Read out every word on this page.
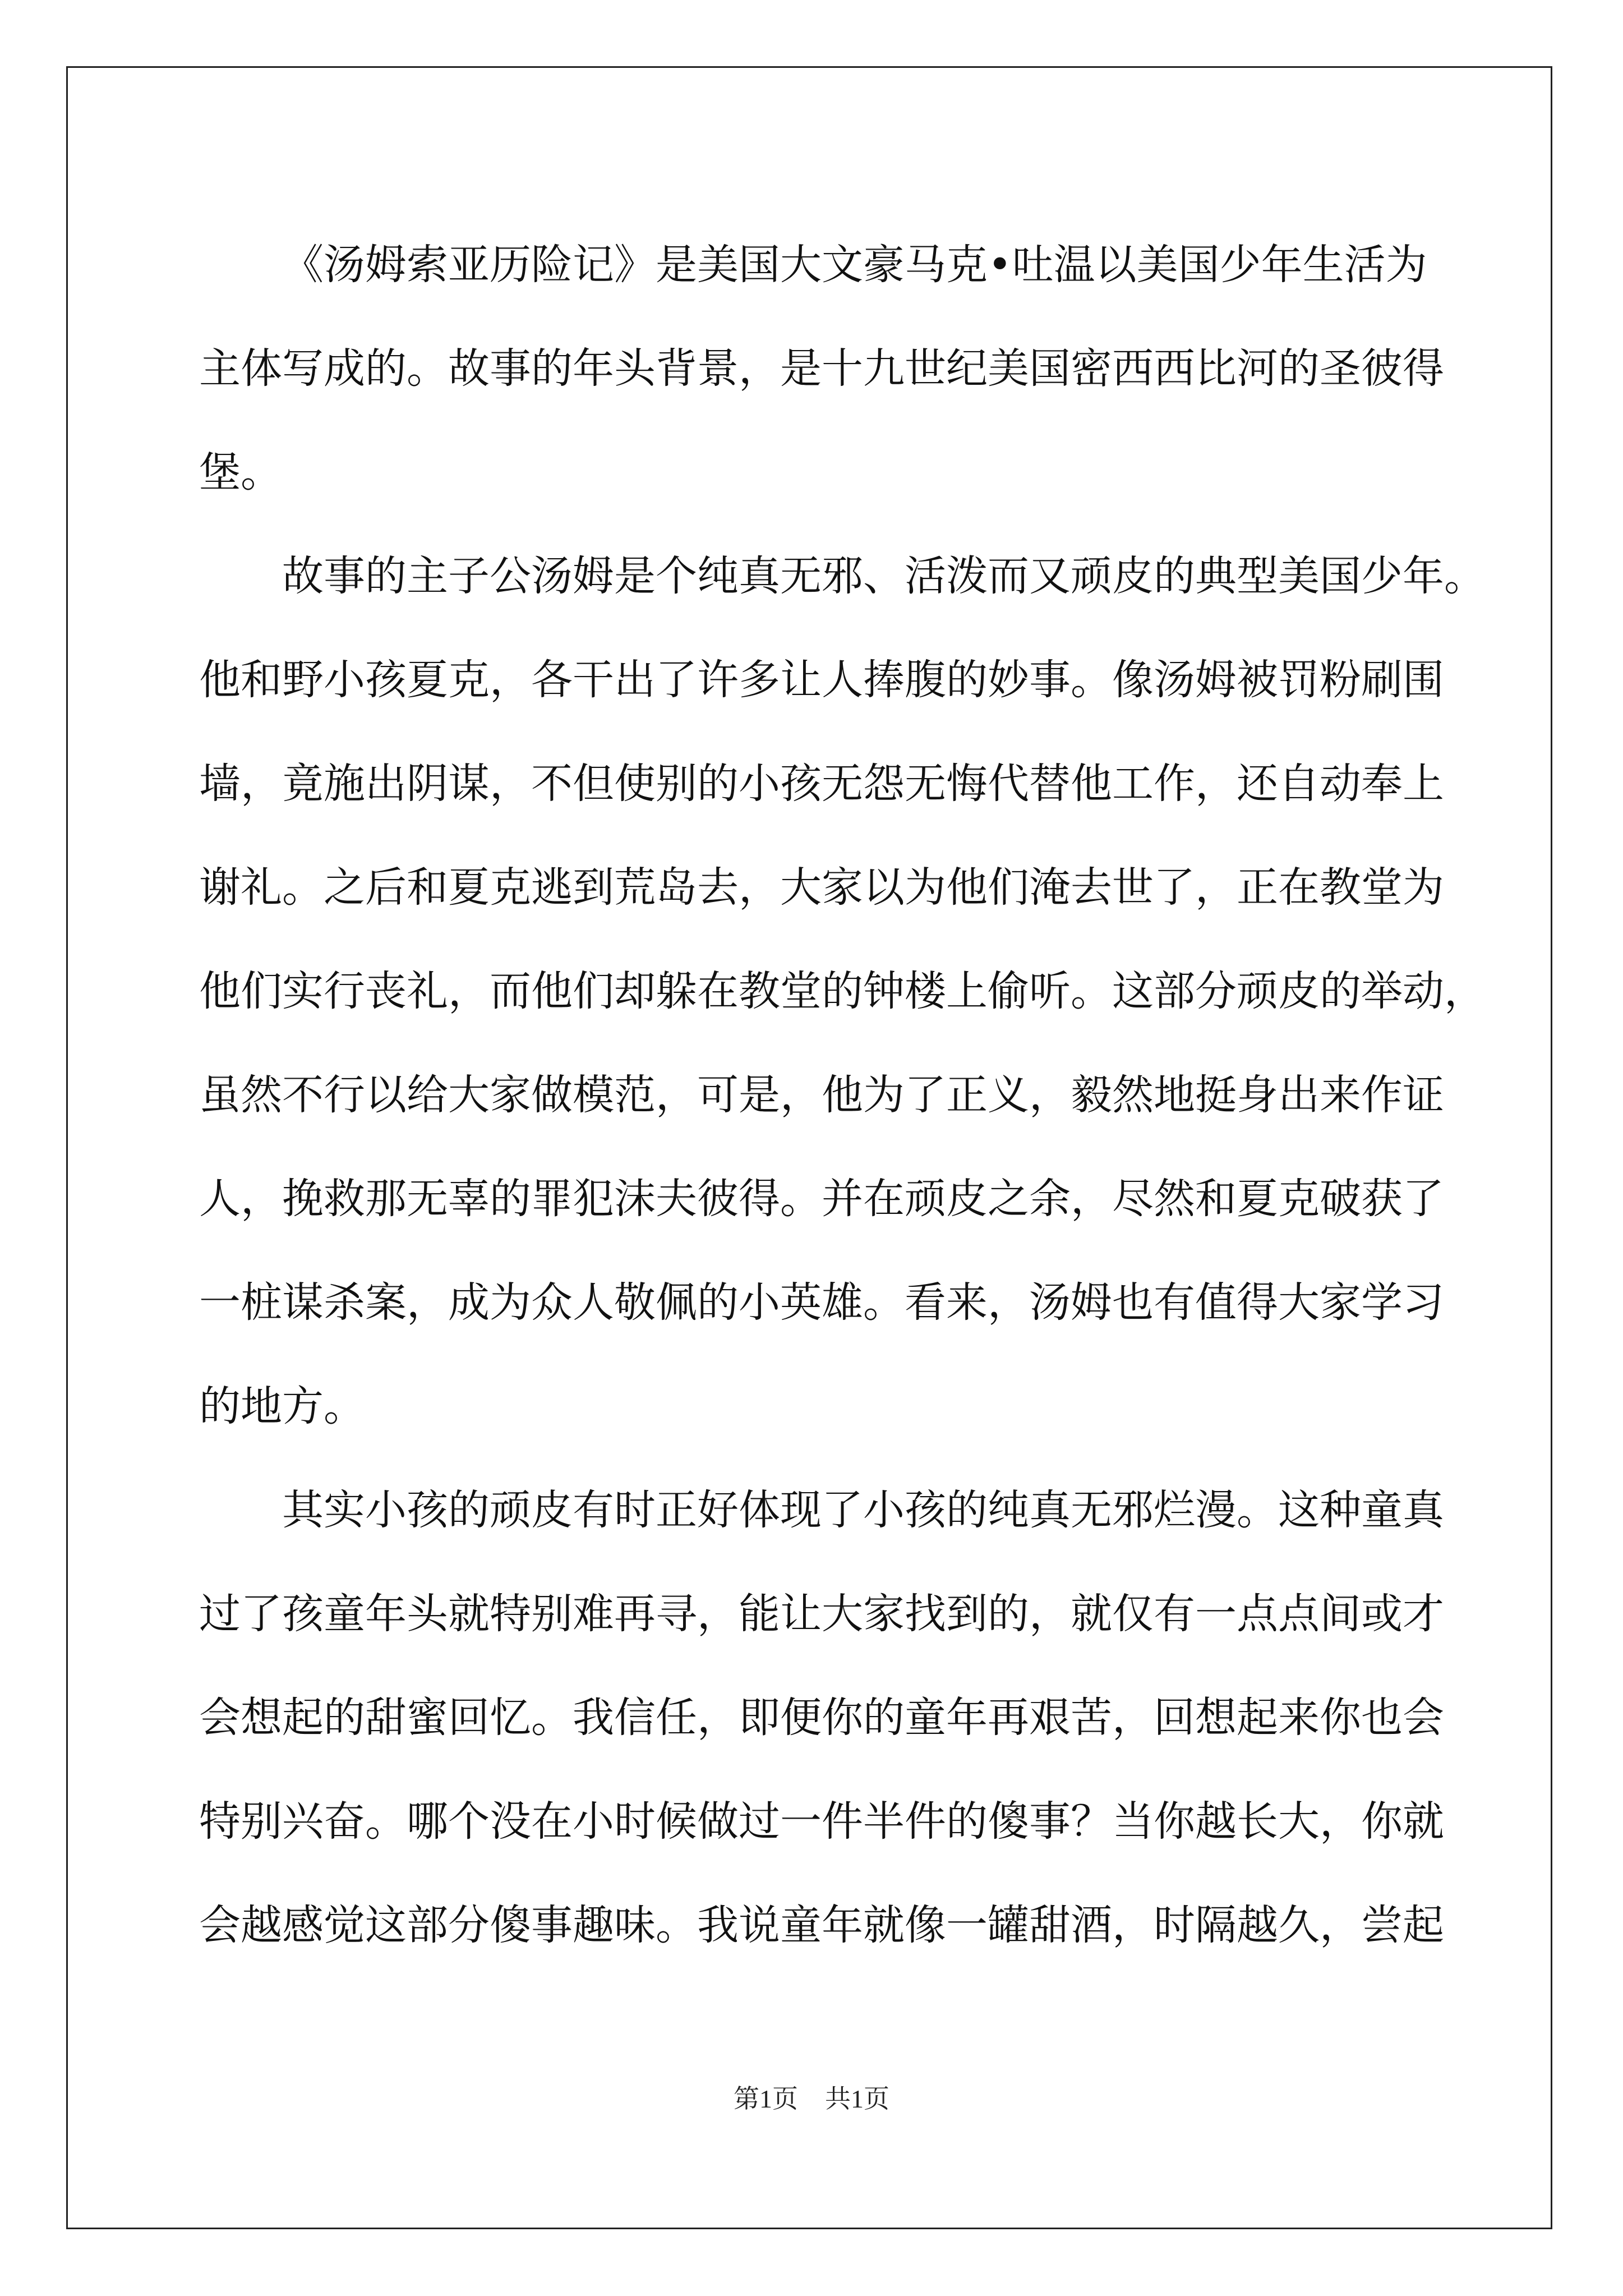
《汤姆索亚历险记》是美国大文豪马克•吐温以美国少年生活为
主体写成的。故事的年头背景，是十九世纪美国密西西比河的圣彼得
堡。
故事的主子公汤姆是个纯真无邪、活泼而又顽皮的典型美国少年。
他和野小孩夏克，各干出了许多让人捧腹的妙事。像汤姆被罚粉刷围
墙，竟施出阴谋，不但使别的小孩无怨无悔代替他工作，还自动奉上
谢礼。之后和夏克逃到荒岛去，大家以为他们淹去世了，正在教堂为
他们实行丧礼，而他们却躲在教堂的钟楼上偷听。这部分顽皮的举动，
虽然不行以给大家做模范，可是，他为了正义，毅然地挺身出来作证
人，挽救那无辜的罪犯沫夫彼得。并在顽皮之余，尽然和夏克破获了
一桩谋杀案，成为众人敬佩的小英雄。看来，汤姆也有值得大家学习
的地方。
其实小孩的顽皮有时正好体现了小孩的纯真无邪烂漫。这种童真
过了孩童年头就特别难再寻，能让大家找到的，就仅有一点点间或才
会想起的甜蜜回忆。我信任，即便你的童年再艰苦，回想起来你也会
特别兴奋。哪个没在小时候做过一件半件的傻事？当你越长大，你就
会越感觉这部分傻事趣味。我说童年就像一罐甜酒，时隔越久，尝起
第1页 共1页
